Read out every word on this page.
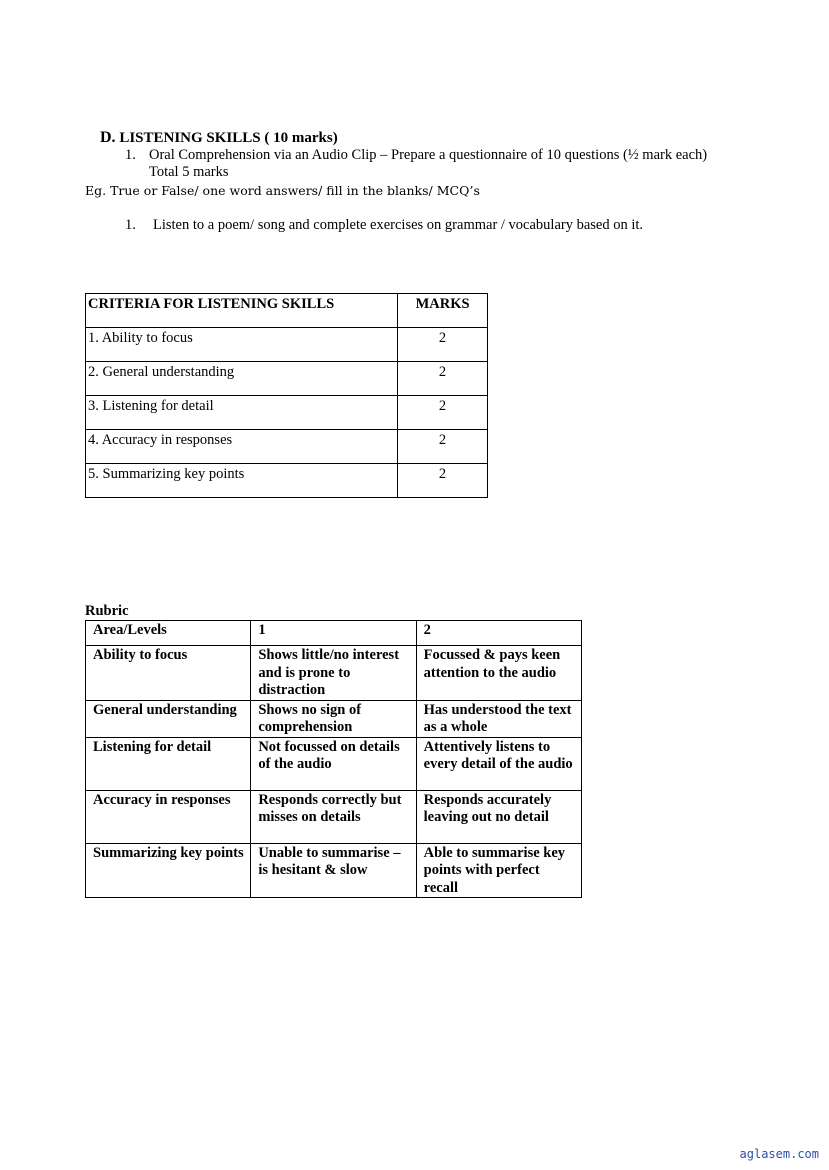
D. LISTENING SKILLS ( 10 marks)
1. Oral Comprehension via an Audio Clip – Prepare a questionnaire of 10 questions (½ mark each) Total 5 marks
Eg. True or False/ one word answers/ fill in the blanks/ MCQ’s
1. Listen to a poem/ song and complete exercises on grammar / vocabulary based on it.
CRITERIA FOR LISTENING SKILLS	MARKS
1. Ability to focus	2
2. General understanding	2
3. Listening for detail	2
4. Accuracy in responses	2
5. Summarizing key points	2
Rubric
Area/Levels	1	2
Ability to focus	Shows little/no interest and is prone to distraction	Focussed & pays keen attention to the audio
General understanding	Shows no sign of comprehension	Has understood the text as a whole
Listening for detail	Not focussed on details of the audio	Attentively listens to every detail of the audio
Accuracy in responses	Responds correctly but misses on details	Responds accurately leaving out no detail
Summarizing key points	Unable to summarise – is hesitant & slow	Able to summarise key points with perfect recall
aglasem.com
